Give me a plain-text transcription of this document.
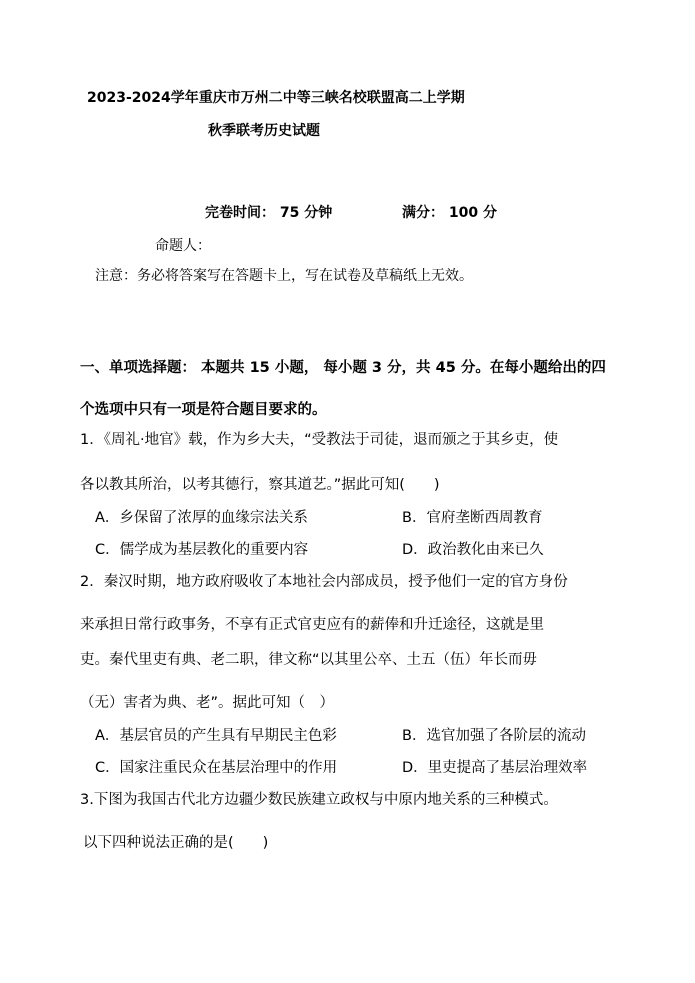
2023-2024学年重庆市万州二中等三峡名校联盟高二上学期
秋季联考历史试题
完卷时间： 75 分钟	满分： 100 分
命题人：
注意：务必将答案写在答题卡上，写在试卷及草稿纸上无效。
一、单项选择题： 本题共 15 小题， 每小题 3 分，共 45 分。在每小题给出的四
个选项中只有一项是符合题目要求的。
1．《周礼·地官》载，作为乡大夫，“受教法于司徒，退而颁之于其乡吏，使
各以教其所治，以考其德行，察其道艺。”据此可知(　　)
A．乡保留了浓厚的血缘宗法关系	B．官府垄断西周教育
C．儒学成为基层教化的重要内容	D．政治教化由来已久
2．秦汉时期，地方政府吸收了本地社会内部成员，授予他们一定的官方身份
来承担日常行政事务，不享有正式官吏应有的薪俸和升迁途径，这就是里
吏。秦代里吏有典、老二职，律文称“以其里公卒、土五（伍）年长而毋
（无）害者为典、老”。据此可知（　）
A．基层官员的产生具有早期民主色彩	B．选官加强了各阶层的流动
C．国家注重民众在基层治理中的作用	D．里吏提高了基层治理效率
3.下图为我国古代北方边疆少数民族建立政权与中原内地关系的三种模式。
以下四种说法正确的是(　　)
